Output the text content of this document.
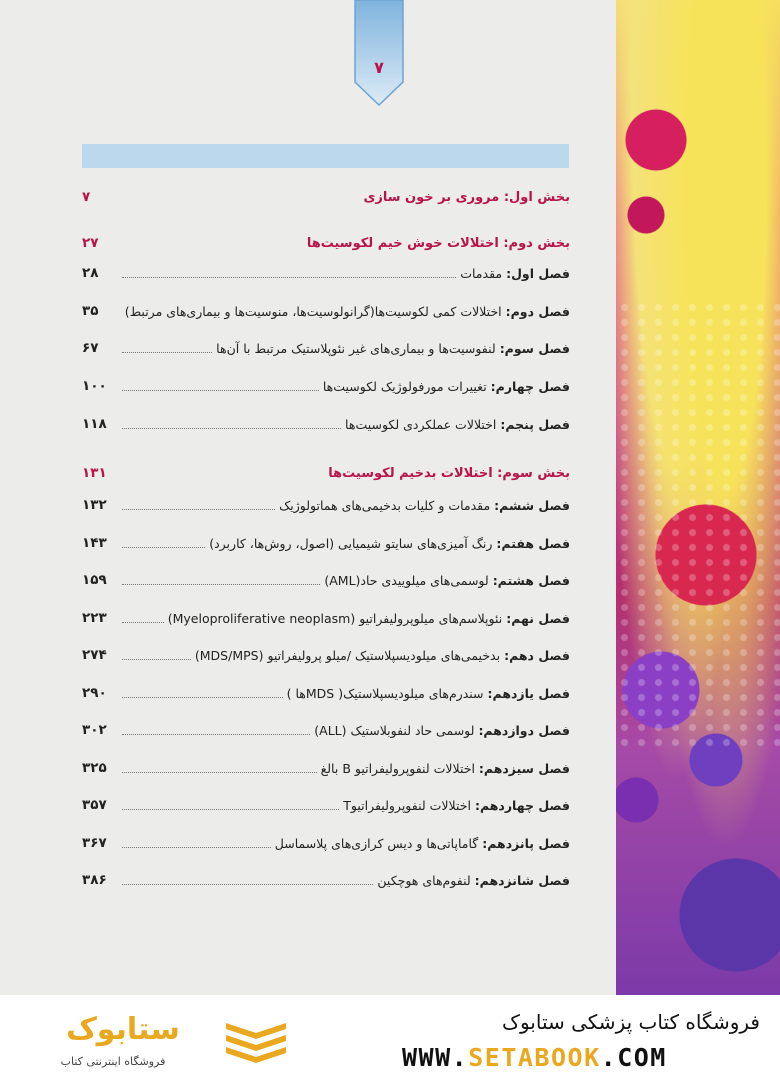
۷
بخش اول: مروری بر خون سازی
۷
بخش دوم: اختلالات خوش خیم لکوسیت‌ها
۲۷
فصل اول: مقدمات
۲۸
فصل دوم: اختلالات کمی لکوسیت‌ها(گرانولوسیت‌ها، منوسیت‌ها و بیماری‌های مرتبط)
۳۵
فصل سوم: لنفوسیت‌ها و بیماری‌های غیر نئوپلاستیک مرتبط با آن‌ها
۶۷
فصل چهارم: تغییرات مورفولوژیک لکوسیت‌ها
۱۰۰
فصل پنجم: اختلالات عملکردی لکوسیت‌ها
۱۱۸
بخش سوم: اختلالات بدخیم لکوسیت‌ها
۱۳۱
فصل ششم: مقدمات و کلیات بدخیمی‌های هماتولوژیک
۱۳۲
فصل هفتم: رنگ آمیزی‌های سایتو شیمیایی (اصول، روش‌ها، کاربرد)
۱۴۳
فصل هشتم: لوسمی‌های میلوییدی حاد(AML)
۱۵۹
فصل نهم: نئوپلاسم‌های میلوپرولیفراتیو (Myeloproliferative neoplasm)
۲۲۳
فصل دهم: بدخیمی‌های میلودیسپلاستیک /میلو پرولیفراتیو (MDS/MPS)
۲۷۴
فصل یازدهم: سندرم‌های میلودیسپلاستیک( MDSها )
۲۹۰
فصل دوازدهم: لوسمی حاد لنفوبلاستیک (ALL)
۳۰۲
فصل سیزدهم: اختلالات لنفوپرولیفراتیو B بالغ
۳۲۵
فصل چهاردهم: اختلالات لنفوپرولیفراتیوT
۳۵۷
فصل پانزدهم: گاماپاتی‌ها و دیس کرازی‌های پلاسماسل
۳۶۷
فصل شانزدهم: لنفوم‌های هوچکین
۳۸۶
فروشگاه کتاب پزشکی ستابوک
WWW.SETABOOK.COM
ستابوک
فروشگاه اینترنتی کتاب
